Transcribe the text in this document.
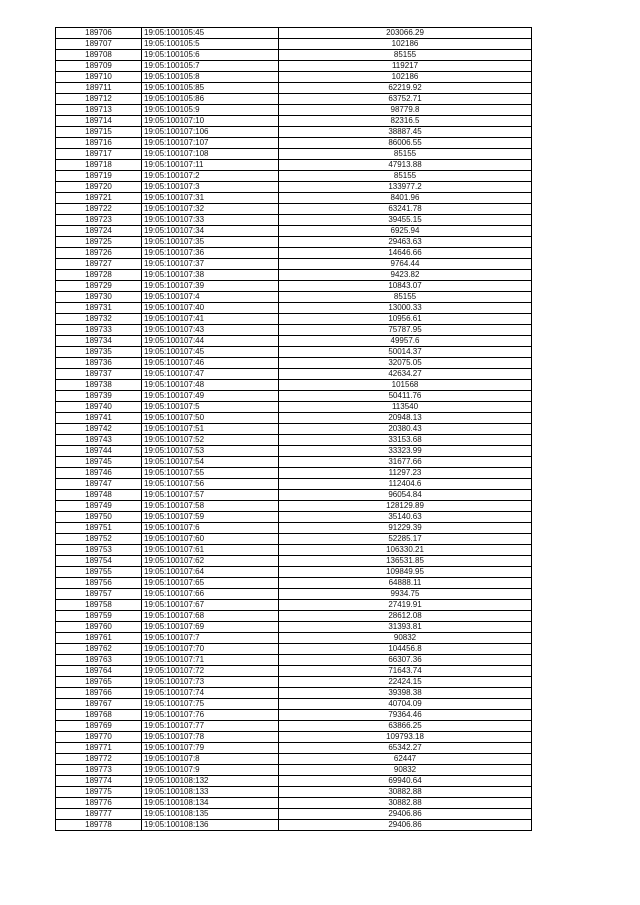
189706	19:05:100105:45	203066.29
189707	19:05:100105:5	102186
189708	19:05:100105:6	85155
189709	19:05:100105:7	119217
189710	19:05:100105:8	102186
189711	19:05:100105:85	62219.92
189712	19:05:100105:86	63752.71
189713	19:05:100105:9	98779.8
189714	19:05:100107:10	82316.5
189715	19:05:100107:106	38887.45
189716	19:05:100107:107	86006.55
189717	19:05:100107:108	85155
189718	19:05:100107:11	47913.88
189719	19:05:100107:2	85155
189720	19:05:100107:3	133977.2
189721	19:05:100107:31	8401.96
189722	19:05:100107:32	63241.78
189723	19:05:100107:33	39455.15
189724	19:05:100107:34	6925.94
189725	19:05:100107:35	29463.63
189726	19:05:100107:36	14646.66
189727	19:05:100107:37	9764.44
189728	19:05:100107:38	9423.82
189729	19:05:100107:39	10843.07
189730	19:05:100107:4	85155
189731	19:05:100107:40	13000.33
189732	19:05:100107:41	10956.61
189733	19:05:100107:43	75787.95
189734	19:05:100107:44	49957.6
189735	19:05:100107:45	50014.37
189736	19:05:100107:46	32075.05
189737	19:05:100107:47	42634.27
189738	19:05:100107:48	101568
189739	19:05:100107:49	50411.76
189740	19:05:100107:5	113540
189741	19:05:100107:50	20948.13
189742	19:05:100107:51	20380.43
189743	19:05:100107:52	33153.68
189744	19:05:100107:53	33323.99
189745	19:05:100107:54	31677.66
189746	19:05:100107:55	11297.23
189747	19:05:100107:56	112404.6
189748	19:05:100107:57	96054.84
189749	19:05:100107:58	128129.89
189750	19:05:100107:59	35140.63
189751	19:05:100107:6	91229.39
189752	19:05:100107:60	52285.17
189753	19:05:100107:61	106330.21
189754	19:05:100107:62	136531.85
189755	19:05:100107:64	109849.95
189756	19:05:100107:65	64888.11
189757	19:05:100107:66	9934.75
189758	19:05:100107:67	27419.91
189759	19:05:100107:68	28612.08
189760	19:05:100107:69	31393.81
189761	19:05:100107:7	90832
189762	19:05:100107:70	104456.8
189763	19:05:100107:71	66307.36
189764	19:05:100107:72	71643.74
189765	19:05:100107:73	22424.15
189766	19:05:100107:74	39398.38
189767	19:05:100107:75	40704.09
189768	19:05:100107:76	79364.46
189769	19:05:100107:77	63866.25
189770	19:05:100107:78	109793.18
189771	19:05:100107:79	65342.27
189772	19:05:100107:8	62447
189773	19:05:100107:9	90832
189774	19:05:100108:132	69940.64
189775	19:05:100108:133	30882.88
189776	19:05:100108:134	30882.88
189777	19:05:100108:135	29406.86
189778	19:05:100108:136	29406.86
